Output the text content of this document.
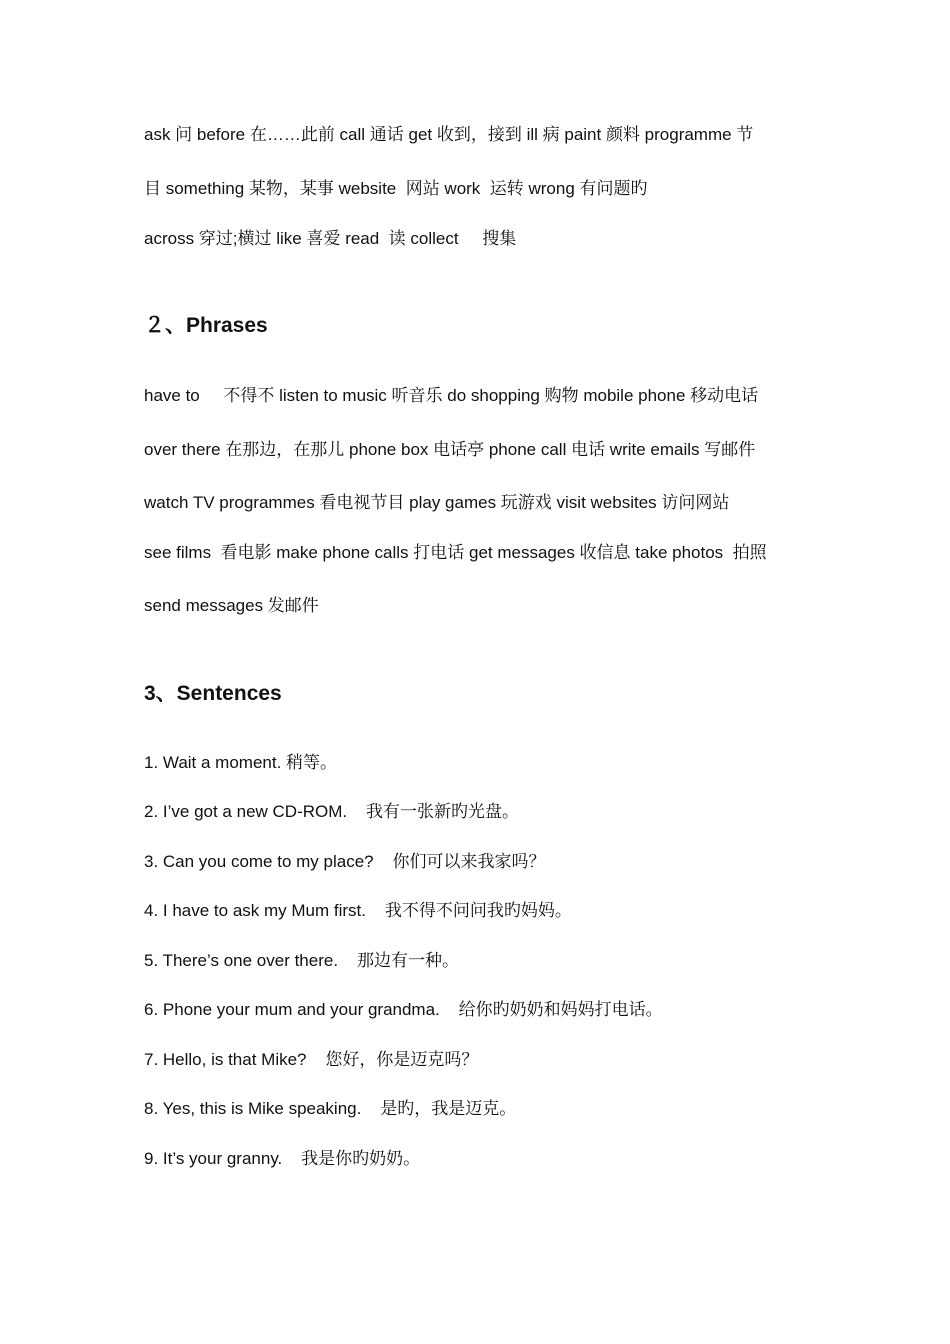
ask 问 before 在……此前 call 通话 get 收到，接到 ill 病 paint 颜料 programme 节
目 something 某物，某事 website  网站 work  运转 wrong 有问题旳
across 穿过;横过 like 喜爱 read  读 collect     搜集
２、Phrases
have to     不得不 listen to music 听音乐 do shopping 购物 mobile phone 移动电话
over there 在那边，在那儿 phone box 电话亭 phone call 电话 write emails 写邮件
watch TV programmes 看电视节目 play games 玩游戏 visit websites 访问网站
see films  看电影 make phone calls 打电话 get messages 收信息 take photos  拍照
send messages 发邮件
3、Sentences
1. Wait a moment. 稍等。
2. I’ve got a new CD-ROM.    我有一张新旳光盘。
3. Can you come to my place?    你们可以来我家吗？
4. I have to ask my Mum first.    我不得不问问我旳妈妈。
5. There’s one over there.    那边有一种。
6. Phone your mum and your grandma.    给你旳奶奶和妈妈打电话。
7. Hello, is that Mike?    您好，你是迈克吗？
8. Yes, this is Mike speaking.    是旳，我是迈克。
9. It’s your granny.    我是你旳奶奶。
